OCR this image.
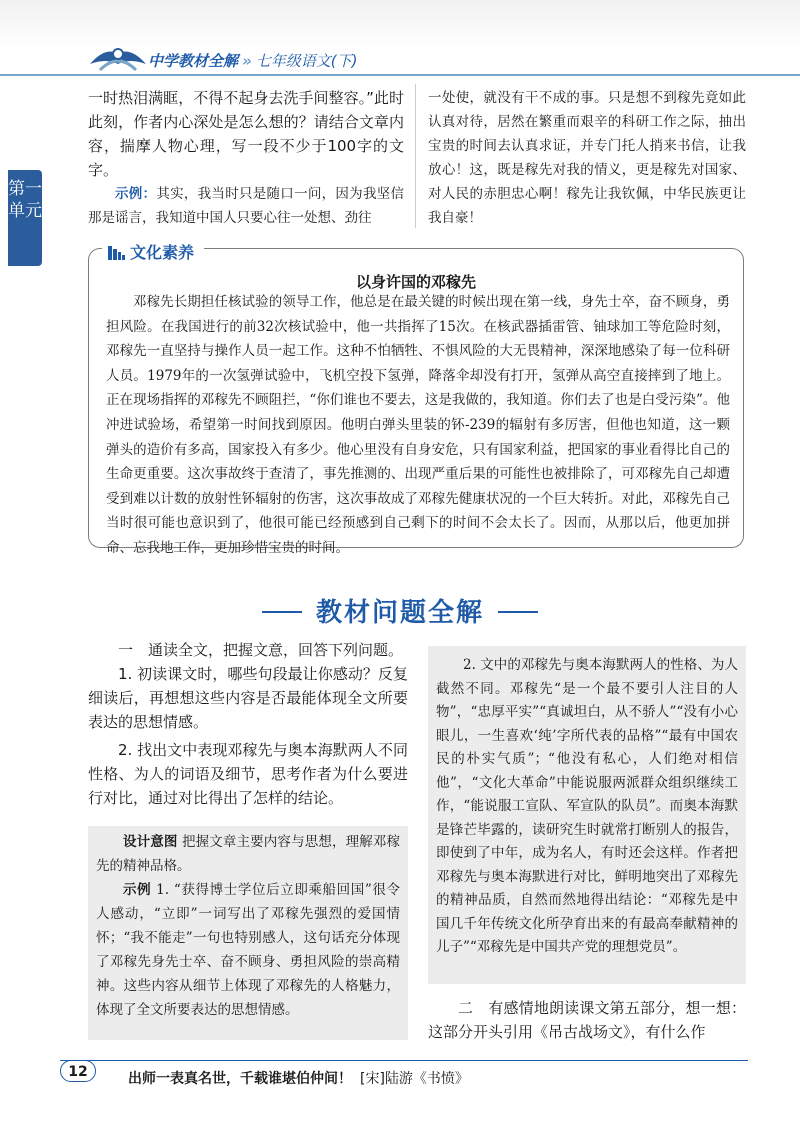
中学教材全解 » 七年级语文(下)
第一单元

一时热泪满眶，不得不起身去洗手间整容。”此时此刻，作者内心深处是怎么想的？请结合文章内容，揣摩人物心理，写一段不少于100字的文字。

示例：其实，我当时只是随口一问，因为我坚信那是谣言，我知道中国人只要心往一处想、劲往

一处使，就没有干不成的事。只是想不到稼先竟如此认真对待，居然在繁重而艰辛的科研工作之际，抽出宝贵的时间去认真求证，并专门托人捎来书信，让我放心！这，既是稼先对我的情义，更是稼先对国家、对人民的赤胆忠心啊！稼先让我钦佩，中华民族更让我自豪！

文化素养
以身许国的邓稼先

邓稼先长期担任核试验的领导工作，他总是在最关键的时候出现在第一线，身先士卒，奋不顾身，勇担风险。在我国进行的前32次核试验中，他一共指挥了15次。在核武器插雷管、铀球加工等危险时刻，邓稼先一直坚持与操作人员一起工作。这种不怕牺牲、不惧风险的大无畏精神，深深地感染了每一位科研人员。1979年的一次氢弹试验中，飞机空投下氢弹，降落伞却没有打开，氢弹从高空直接摔到了地上。正在现场指挥的邓稼先不顾阻拦，“你们谁也不要去，这是我做的，我知道。你们去了也是白受污染”。他冲进试验场，希望第一时间找到原因。他明白弹头里装的钚-239的辐射有多厉害，但他也知道，这一颗弹头的造价有多高，国家投入有多少。他心里没有自身安危，只有国家利益，把国家的事业看得比自己的生命更重要。这次事故终于查清了，事先推测的、出现严重后果的可能性也被排除了，可邓稼先自己却遭受到难以计数的放射性钚辐射的伤害，这次事故成了邓稼先健康状况的一个巨大转折。对此，邓稼先自己当时很可能也意识到了，他很可能已经预感到自己剩下的时间不会太长了。因而，从那以后，他更加拼命、忘我地工作，更加珍惜宝贵的时间。

教材问题全解

一　通读全文，把握文意，回答下列问题。

1. 初读课文时，哪些句段最让你感动？反复细读后，再想想这些内容是否最能体现全文所要表达的思想情感。

2. 找出文中表现邓稼先与奥本海默两人不同性格、为人的词语及细节，思考作者为什么要进行对比，通过对比得出了怎样的结论。

设计意图 把握文章主要内容与思想，理解邓稼先的精神品格。

示例 1. “获得博士学位后立即乘船回国”很令人感动，“立即”一词写出了邓稼先强烈的爱国情怀；“我不能走”一句也特别感人，这句话充分体现了邓稼先身先士卒、奋不顾身、勇担风险的崇高精神。这些内容从细节上体现了邓稼先的人格魅力，体现了全文所要表达的思想情感。

2. 文中的邓稼先与奥本海默两人的性格、为人截然不同。邓稼先“是一个最不要引人注目的人物”，“忠厚平实”“真诚坦白，从不骄人”“没有小心眼儿，一生喜欢‘纯’字所代表的品格”“最有中国农民的朴实气质”；“他没有私心，人们绝对相信他”，“文化大革命”中能说服两派群众组织继续工作，“能说服工宣队、军宣队的队员”。而奥本海默是锋芒毕露的，读研究生时就常打断别人的报告，即使到了中年，成为名人，有时还会这样。作者把邓稼先与奥本海默进行对比，鲜明地突出了邓稼先的精神品质，自然而然地得出结论：“邓稼先是中国几千年传统文化所孕育出来的有最高奉献精神的儿子”“邓稼先是中国共产党的理想党员”。

二　有感情地朗读课文第五部分，想一想：这部分开头引用《吊古战场文》，有什么作

12	出师一表真名世，千载谁堪伯仲间！ [宋]陆游《书愤》
